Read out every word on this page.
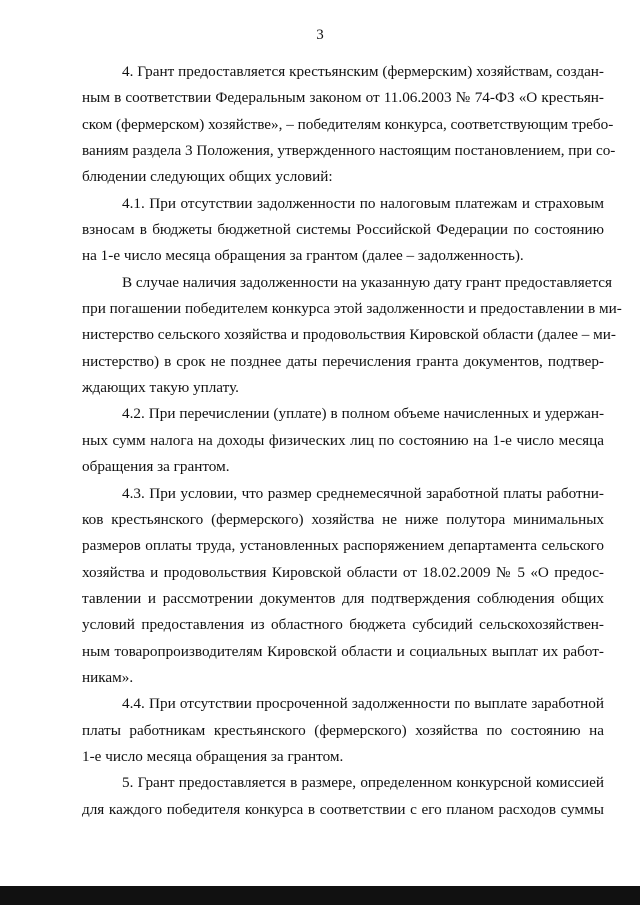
3
4. Грант предоставляется крестьянским (фермерским) хозяйствам, создан-
ным в соответствии Федеральным законом от 11.06.2003 № 74-ФЗ «О крестьян-
ском (фермерском) хозяйстве», – победителям конкурса, соответствующим требо-
ваниям раздела 3 Положения, утвержденного настоящим постановлением, при со-
блюдении следующих общих условий:
4.1. При отсутствии задолженности по налоговым платежам и страховым
взносам в бюджеты бюджетной системы Российской Федерации по состоянию
на 1-е число месяца обращения за грантом (далее – задолженность).
В случае наличия задолженности на указанную дату грант предоставляется
при погашении победителем конкурса этой задолженности и предоставлении в ми-
нистерство сельского хозяйства и продовольствия Кировской области (далее – ми-
нистерство) в срок не позднее даты перечисления гранта документов, подтвер-
ждающих такую уплату.
4.2. При перечислении (уплате) в полном объеме начисленных и удержан-
ных сумм налога на доходы физических лиц по состоянию на 1-е число месяца
обращения за грантом.
4.3. При условии, что размер среднемесячной заработной платы работни-
ков крестьянского (фермерского) хозяйства не ниже полутора минимальных
размеров оплаты труда, установленных распоряжением департамента сельского
хозяйства и продовольствия Кировской области от 18.02.2009 № 5 «О предос-
тавлении и рассмотрении документов для подтверждения соблюдения общих
условий предоставления из областного бюджета субсидий сельскохозяйствен-
ным товаропроизводителям Кировской области и социальных выплат их работ-
никам».
4.4. При отсутствии просроченной задолженности по выплате заработной
платы работникам крестьянского (фермерского) хозяйства по состоянию на
1-е число месяца обращения за грантом.
5. Грант предоставляется в размере, определенном конкурсной комиссией
для каждого победителя конкурса в соответствии с его планом расходов суммы
